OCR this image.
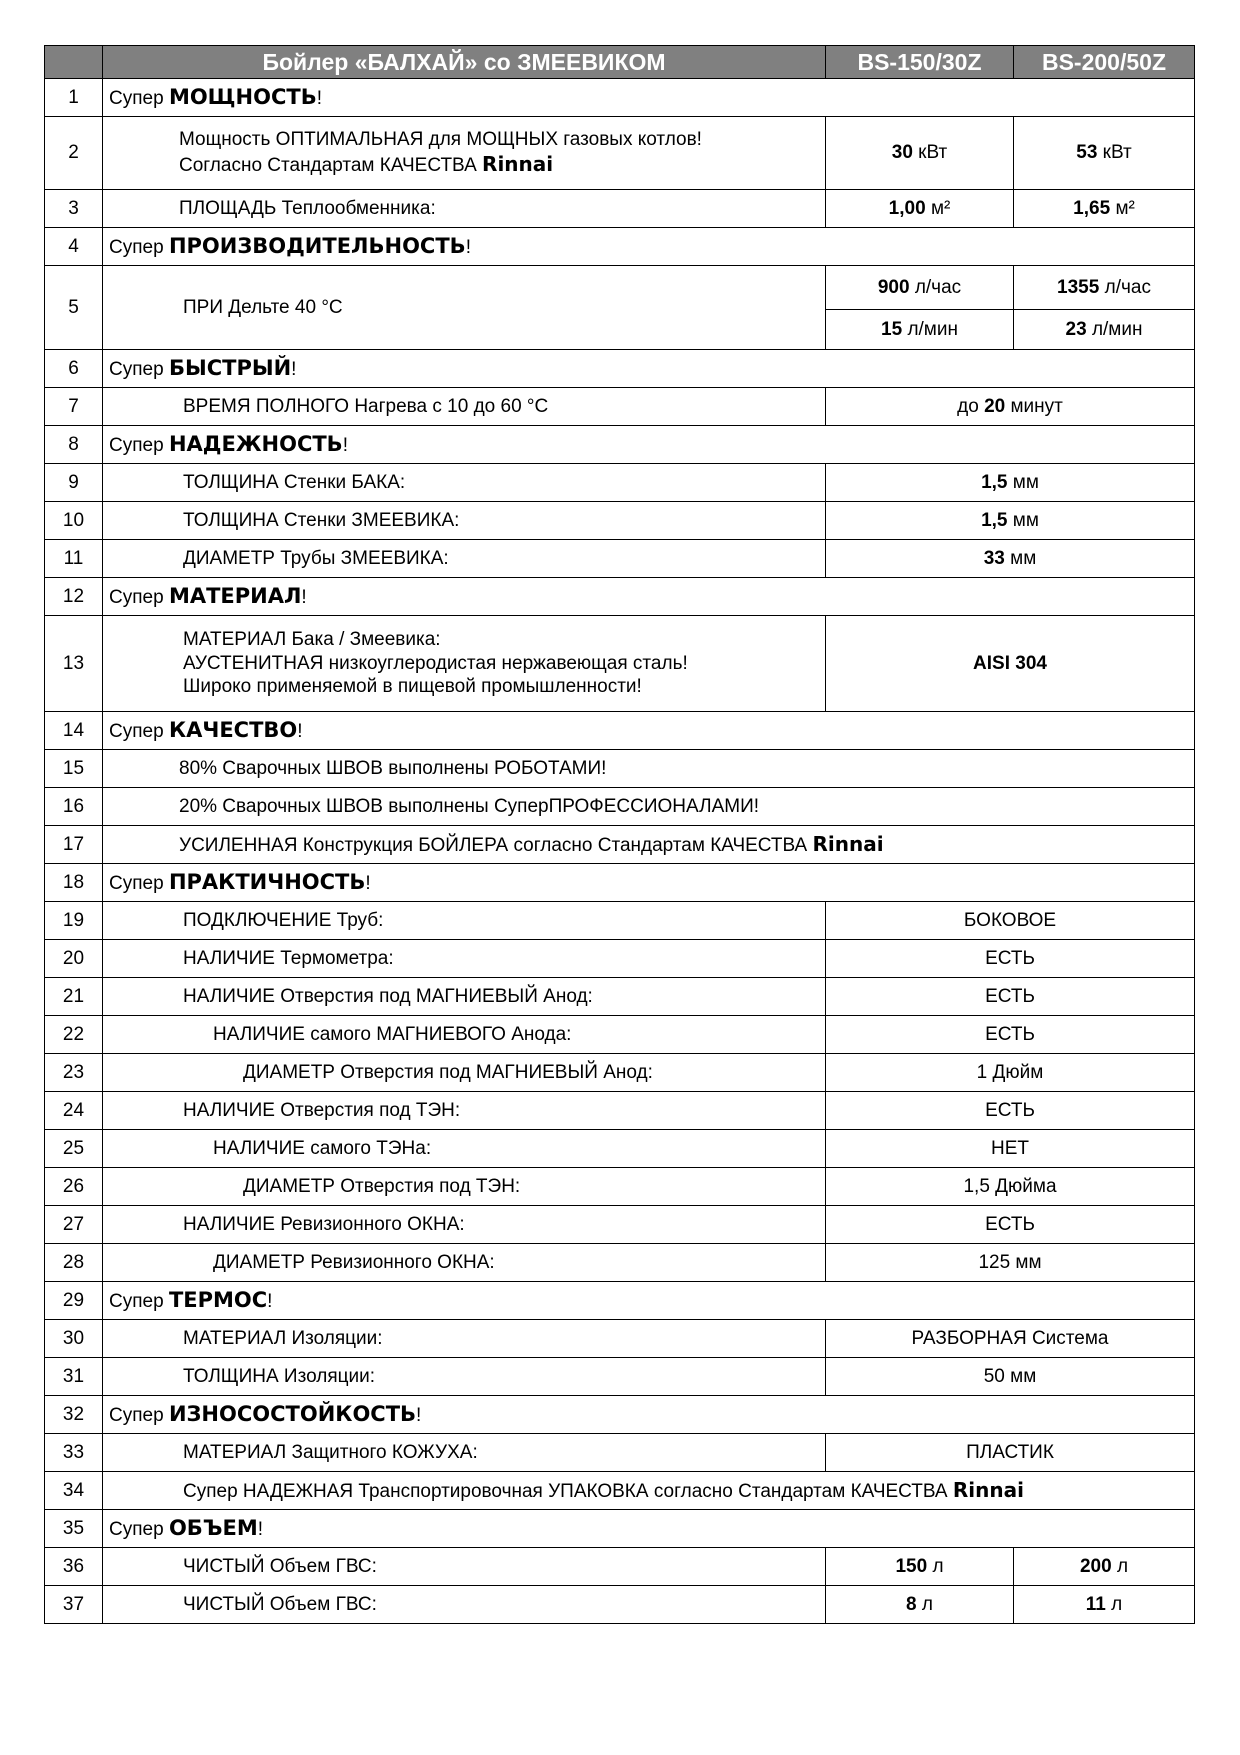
	Бойлер «БАЛХАЙ» со ЗМЕЕВИКОМ	BS-150/30Z	BS-200/50Z
1	Супер МОЩНОСТЬ!		
2	Мощность ОПТИМАЛЬНАЯ для МОЩНЫХ газовых котлов!
Согласно Стандартам КАЧЕСТВА Rinnai	30 кВт	53 кВт
3	ПЛОЩАДЬ Теплообменника:	1,00 м²	1,65 м²
4	Супер ПРОИЗВОДИТЕЛЬНОСТЬ!		
5	ПРИ Дельте 40 °С	900 л/час	1355 л/час
		15 л/мин	23 л/мин
6	Супер БЫСТРЫЙ!		
7	ВРЕМЯ ПОЛНОГО Нагрева с 10 до 60 °С	до 20 минут	
8	Супер НАДЕЖНОСТЬ!		
9	ТОЛЩИНА Стенки БАКА:	1,5 мм	
10	ТОЛЩИНА Стенки ЗМЕЕВИКА:	1,5 мм	
11	ДИАМЕТР Трубы ЗМЕЕВИКА:	33 мм	
12	Супер МАТЕРИАЛ!		
13	МАТЕРИАЛ Бака / Змеевика:
АУСТЕНИТНАЯ низкоуглеродистая нержавеющая сталь!
Широко применяемой в пищевой промышленности!	AISI 304	
14	Супер КАЧЕСТВО!		
15	80% Сварочных ШВОВ выполнены РОБОТАМИ!		
16	20% Сварочных ШВОВ выполнены СуперПРОФЕССИОНАЛАМИ!		
17	УСИЛЕННАЯ Конструкция БОЙЛЕРА согласно Стандартам КАЧЕСТВА Rinnai		
18	Супер ПРАКТИЧНОСТЬ!		
19	ПОДКЛЮЧЕНИЕ Труб:	БОКОВОЕ	
20	НАЛИЧИЕ Термометра:	ЕСТЬ	
21	НАЛИЧИЕ Отверстия под МАГНИЕВЫЙ Анод:	ЕСТЬ	
22	НАЛИЧИЕ самого МАГНИЕВОГО Анода:	ЕСТЬ	
23	ДИАМЕТР Отверстия под МАГНИЕВЫЙ Анод:	1 Дюйм	
24	НАЛИЧИЕ Отверстия под ТЭН:	ЕСТЬ	
25	НАЛИЧИЕ самого ТЭНа:	НЕТ	
26	ДИАМЕТР Отверстия под ТЭН:	1,5 Дюйма	
27	НАЛИЧИЕ Ревизионного ОКНА:	ЕСТЬ	
28	ДИАМЕТР Ревизионного ОКНА:	125 мм	
29	Супер ТЕРМОС!		
30	МАТЕРИАЛ Изоляции:	РАЗБОРНАЯ Система	
31	ТОЛЩИНА Изоляции:	50 мм	
32	Супер ИЗНОСОСТОЙКОСТЬ!		
33	МАТЕРИАЛ Защитного КОЖУХА:	ПЛАСТИК	
34	Супер НАДЕЖНАЯ Транспортировочная УПАКОВКА согласно Стандартам КАЧЕСТВА Rinnai		
35	Супер ОБЪЕМ!		
36	ЧИСТЫЙ Объем ГВС:	150 л	200 л
37	ЧИСТЫЙ Объем ГВС:	8 л	11 л
